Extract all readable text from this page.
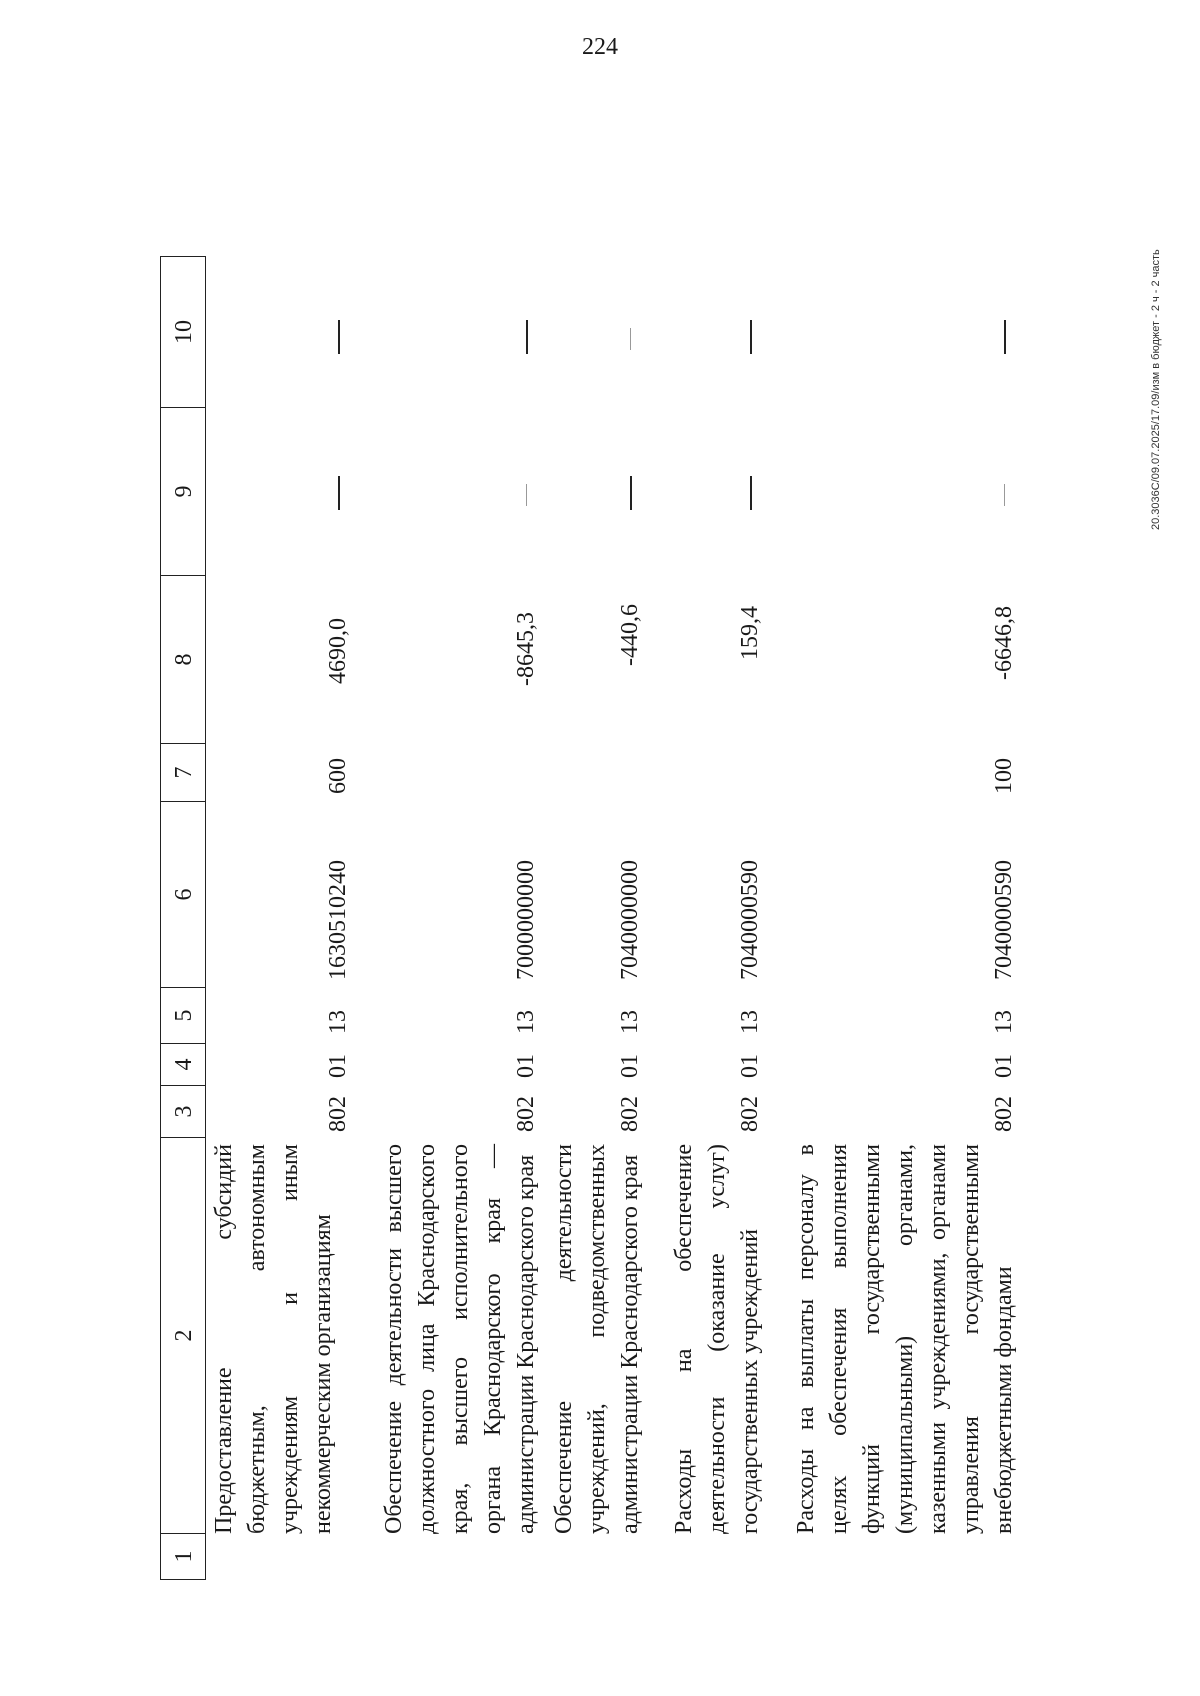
224
1
2
3
4
5
6
7
8
9
10
Предоставление субсидий бюджетным, автономным учреждениям и иным некоммерческим организациям
802
01
13
1630510240
600
4690,0
Обеспечение деятельности высшего должностного лица Краснодарского края, высшего исполнительного органа Краснодарского края — администрации Краснодарского края
802
01
13
7000000000
-8645,3
Обеспечение деятельности учреждений, подведомственных администрации Краснодарского края
802
01
13
7040000000
-440,6
Расходы на обеспечение деятельности (оказание услуг) государственных учреждений
802
01
13
7040000590
159,4
Расходы на выплаты персоналу в целях обеспечения выполнения функций государственными (муниципальными) органами, казенными учреждениями, органами управления государственными внебюджетными фондами
802
01
13
7040000590
100
-6646,8
20.3036С/09.07.2025/17.09/изм в бюджет - 2 ч - 2 часть
